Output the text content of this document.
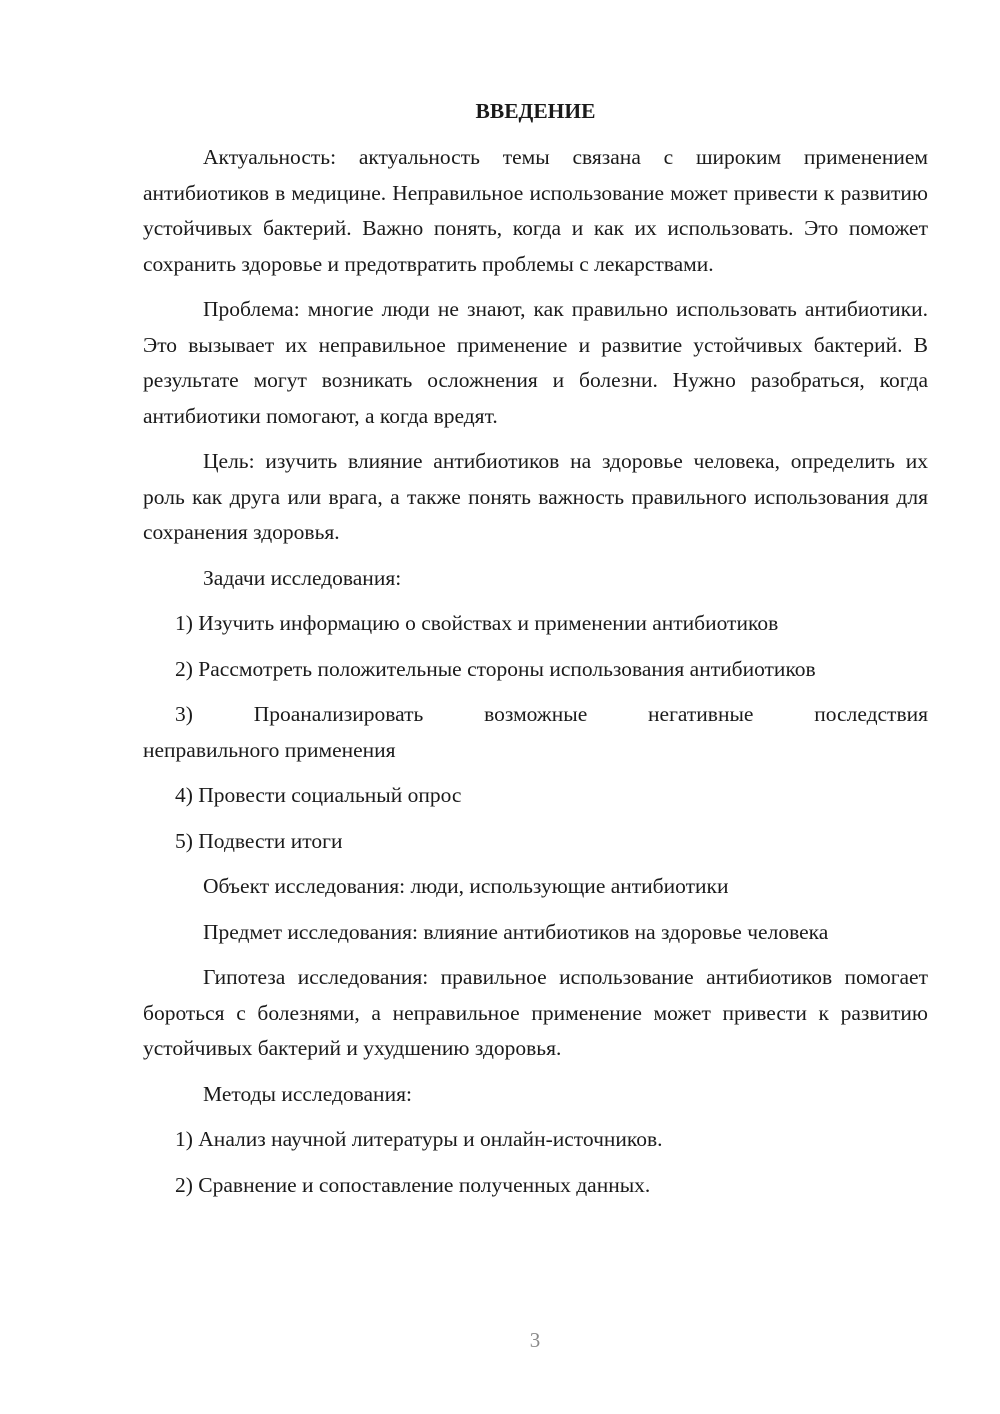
ВВЕДЕНИЕ

Актуальность: актуальность темы связана с широким применением антибиотиков в медицине. Неправильное использование может привести к развитию устойчивых бактерий. Важно понять, когда и как их использовать. Это поможет сохранить здоровье и предотвратить проблемы с лекарствами.

Проблема: многие люди не знают, как правильно использовать антибиотики. Это вызывает их неправильное применение и развитие устойчивых бактерий. В результате могут возникать осложнения и болезни. Нужно разобраться, когда антибиотики помогают, а когда вредят.

Цель: изучить влияние антибиотиков на здоровье человека, определить их роль как друга или врага, а также понять важность правильного использования для сохранения здоровья.

Задачи исследования:

1) Изучить информацию о свойствах и применении антибиотиков

2) Рассмотреть положительные стороны использования антибиотиков

3)	Проанализировать	возможные	негативные	последствия
неправильного применения

4) Провести социальный опрос

5) Подвести итоги

Объект исследования: люди, использующие антибиотики

Предмет исследования: влияние антибиотиков на здоровье человека

Гипотеза исследования: правильное использование антибиотиков помогает бороться с болезнями, а неправильное применение может привести к развитию устойчивых бактерий и ухудшению здоровья.

Методы исследования:

1) Анализ научной литературы и онлайн-источников.

2) Сравнение и сопоставление полученных данных.

3
